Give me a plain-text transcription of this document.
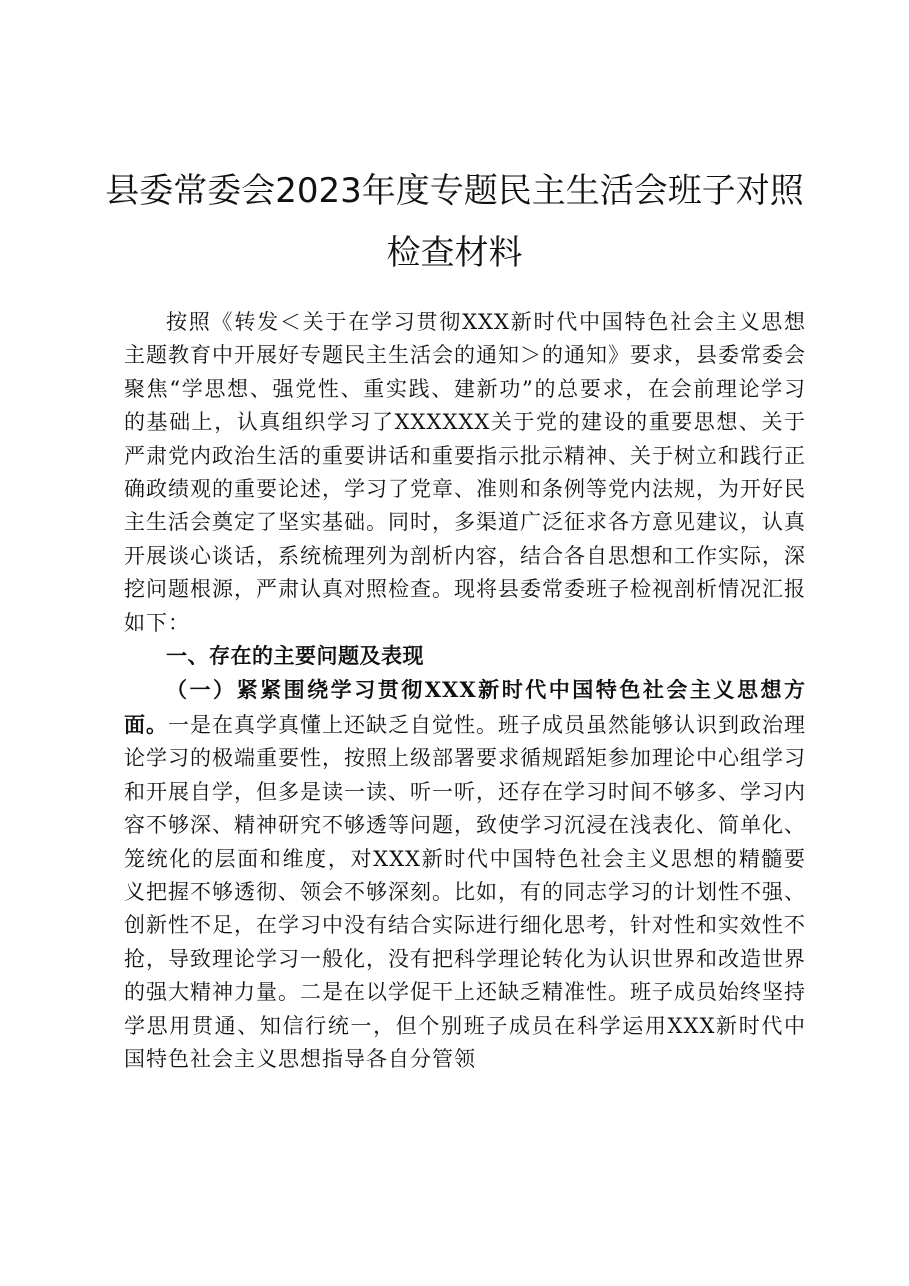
县委常委会2023年度专题民主生活会班子对照检查材料

按照《转发＜关于在学习贯彻XXX新时代中国特色社会主义思想主题教育中开展好专题民主生活会的通知＞的通知》要求，县委常委会聚焦“学思想、强党性、重实践、建新功”的总要求，在会前理论学习的基础上，认真组织学习了XXXXXX关于党的建设的重要思想、关于严肃党内政治生活的重要讲话和重要指示批示精神、关于树立和践行正确政绩观的重要论述，学习了党章、准则和条例等党内法规，为开好民主生活会奠定了坚实基础。同时，多渠道广泛征求各方意见建议，认真开展谈心谈话，系统梳理列为剖析内容，结合各自思想和工作实际，深挖问题根源，严肃认真对照检查。现将县委常委班子检视剖析情况汇报如下：

一、存在的主要问题及表现

（一）紧紧围绕学习贯彻XXX新时代中国特色社会主义思想方面。一是在真学真懂上还缺乏自觉性。班子成员虽然能够认识到政治理论学习的极端重要性，按照上级部署要求循规蹈矩参加理论中心组学习和开展自学，但多是读一读、听一听，还存在学习时间不够多、学习内容不够深、精神研究不够透等问题，致使学习沉浸在浅表化、简单化、笼统化的层面和维度，对XXX新时代中国特色社会主义思想的精髓要义把握不够透彻、领会不够深刻。比如，有的同志学习的计划性不强、创新性不足，在学习中没有结合实际进行细化思考，针对性和实效性不抢，导致理论学习一般化，没有把科学理论转化为认识世界和改造世界的强大精神力量。二是在以学促干上还缺乏精准性。班子成员始终坚持学思用贯通、知信行统一，但个别班子成员在科学运用XXX新时代中国特色社会主义思想指导各自分管领
